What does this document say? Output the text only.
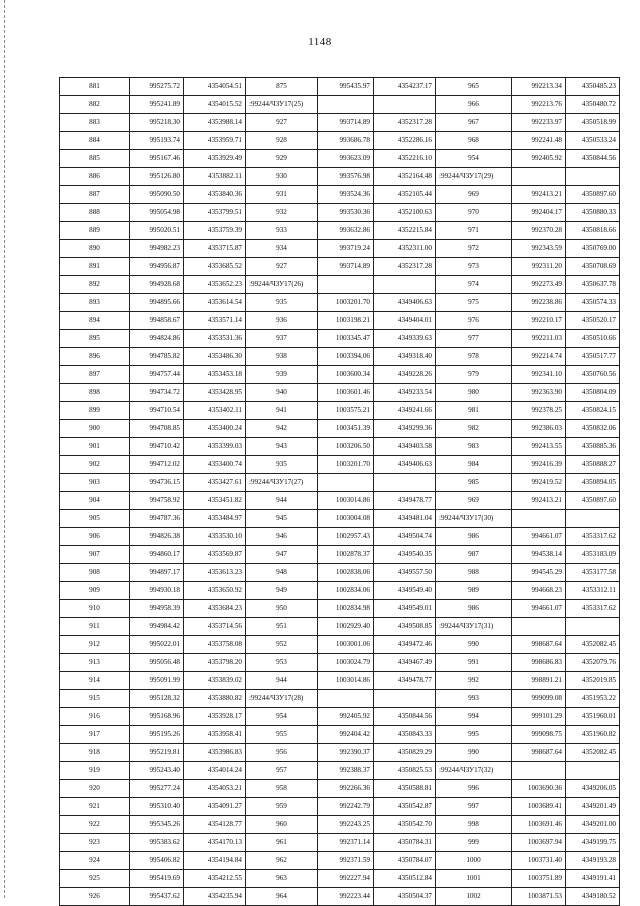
1148
881	995275.72	4354054.51	875	995435.97	4354237.17	965	992213.34	4350485.23
882	995241.89	4354015.52	:99244/ЧЗУ17(25)			966	992213.76	4350480.72
883	995218.30	4353988.14	927	993714.89	4352317.28	967	992233.97	4350518.99
884	995193.74	4353959.71	928	993686.78	4352286.16	968	992241.48	4350533.24
885	995167.46	4353929.49	929	993623.09	4352216.10	954	992405.92	4350844.56
886	995126.80	4353882.11	930	993576.98	4352164.48	:99244/ЧЗУ17(29)		
887	995090.50	4353840.36	931	993524.36	4352105.44	969	992413.21	4350897.60
888	995054.98	4353799.51	932	993530.36	4352100.63	970	992404.17	4350880.33
889	995020.51	4353759.39	933	993632.86	4352215.84	971	992370.28	4350818.66
890	994982.23	4353715.87	934	993719.24	4352311.00	972	992343.59	4350769.00
891	994956.87	4353685.52	927	993714.89	4352317.28	973	992311.20	4350708.69
892	994928.68	4353652.23	:99244/ЧЗУ17(26)			974	992273.49	4350637.78
893	994895.66	4353614.54	935	1003201.70	4349406.63	975	992238.86	4350574.33
894	994858.67	4353571.14	936	1003198.21	4349404.01	976	992210.17	4350520.17
895	994824.86	4353531.36	937	1003345.47	4349339.63	977	992211.03	4350510.66
896	994785.82	4353486.30	938	1003394.06	4349318.40	978	992214.74	4350517.77
897	994757.44	4353453.18	939	1003600.34	4349228.26	979	992341.10	4350760.56
898	994734.72	4353428.95	940	1003601.46	4349233.54	980	992363.90	4350804.09
899	994710.54	4353402.11	941	1003575.21	4349241.66	981	992378.25	4350824.15
900	994708.85	4353400.24	942	1003451.39	4349299.36	982	992386.03	4350832.06
901	994710.42	4353399.03	943	1003206.50	4349403.58	983	992413.55	4350885.36
902	994712.02	4353400.74	935	1003201.70	4349406.63	984	992416.39	4350888.27
903	994736.15	4353427.61	:99244/ЧЗУ17(27)			985	992419.52	4350894.05
904	994758.92	4353451.82	944	1003014.86	4349478.77	969	992413.21	4350897.60
905	994787.36	4353484.97	945	1003004.08	4349481.04	:99244/ЧЗУ17(30)		
906	994826.38	4353530.10	946	1002957.43	4349504.74	986	994661.07	4353317.62
907	994860.17	4353569.87	947	1002878.37	4349540.35	987	994538.14	4353183.09
908	994897.17	4353613.23	948	1002838.06	4349557.50	988	994545.29	4353177.58
909	994930.18	4353650.92	949	1002834.06	4349549.40	989	994668.23	4353312.11
910	994958.39	4353684.23	950	1002834.98	4349549.01	986	994661.07	4353317.62
911	994984.42	4353714.56	951	1002929.40	4349508.85	:99244/ЧЗУ17(31)		
912	995022.01	4353758.08	952	1003001.06	4349472.46	990	998687.64	4352082.45
913	995056.48	4353798.20	953	1003024.79	4349467.49	991	998686.83	4352079.76
914	995091.99	4353839.02	944	1003014.86	4349478.77	992	998891.21	4352019.85
915	995128.32	4353880.82	:99244/ЧЗУ17(28)			993	999099.08	4351953.22
916	995168.96	4353928.17	954	992405.92	4350844.56	994	999101.29	4351960.01
917	995195.26	4353958.41	955	992404.42	4350843.33	995	999098.75	4351960.82
918	995219.81	4353986.83	956	992390.37	4350829.29	990	998687.64	4352082.45
919	995243.40	4354014.24	957	992388.37	4350825.53	:99244/ЧЗУ17(32)		
920	995277.24	4354053.21	958	992266.36	4350588.81	996	1003690.36	4349206.05
921	995310.40	4354091.27	959	992242.79	4350542.87	997	1003689.41	4349201.49
922	995345.26	4354128.77	960	992243.25	4350542.70	998	1003691.46	4349201.00
923	995383.62	4354170.13	961	992371.14	4350784.31	999	1003697.94	4349199.75
924	995406.82	4354194.84	962	992371.59	4350784.07	1000	1003731.40	4349193.28
925	995419.69	4354212.55	963	992227.94	4350512.84	1001	1003751.89	4349191.41
926	995437.62	4354235.94	964	992223.44	4350504.37	1002	1003871.53	4349180.52
